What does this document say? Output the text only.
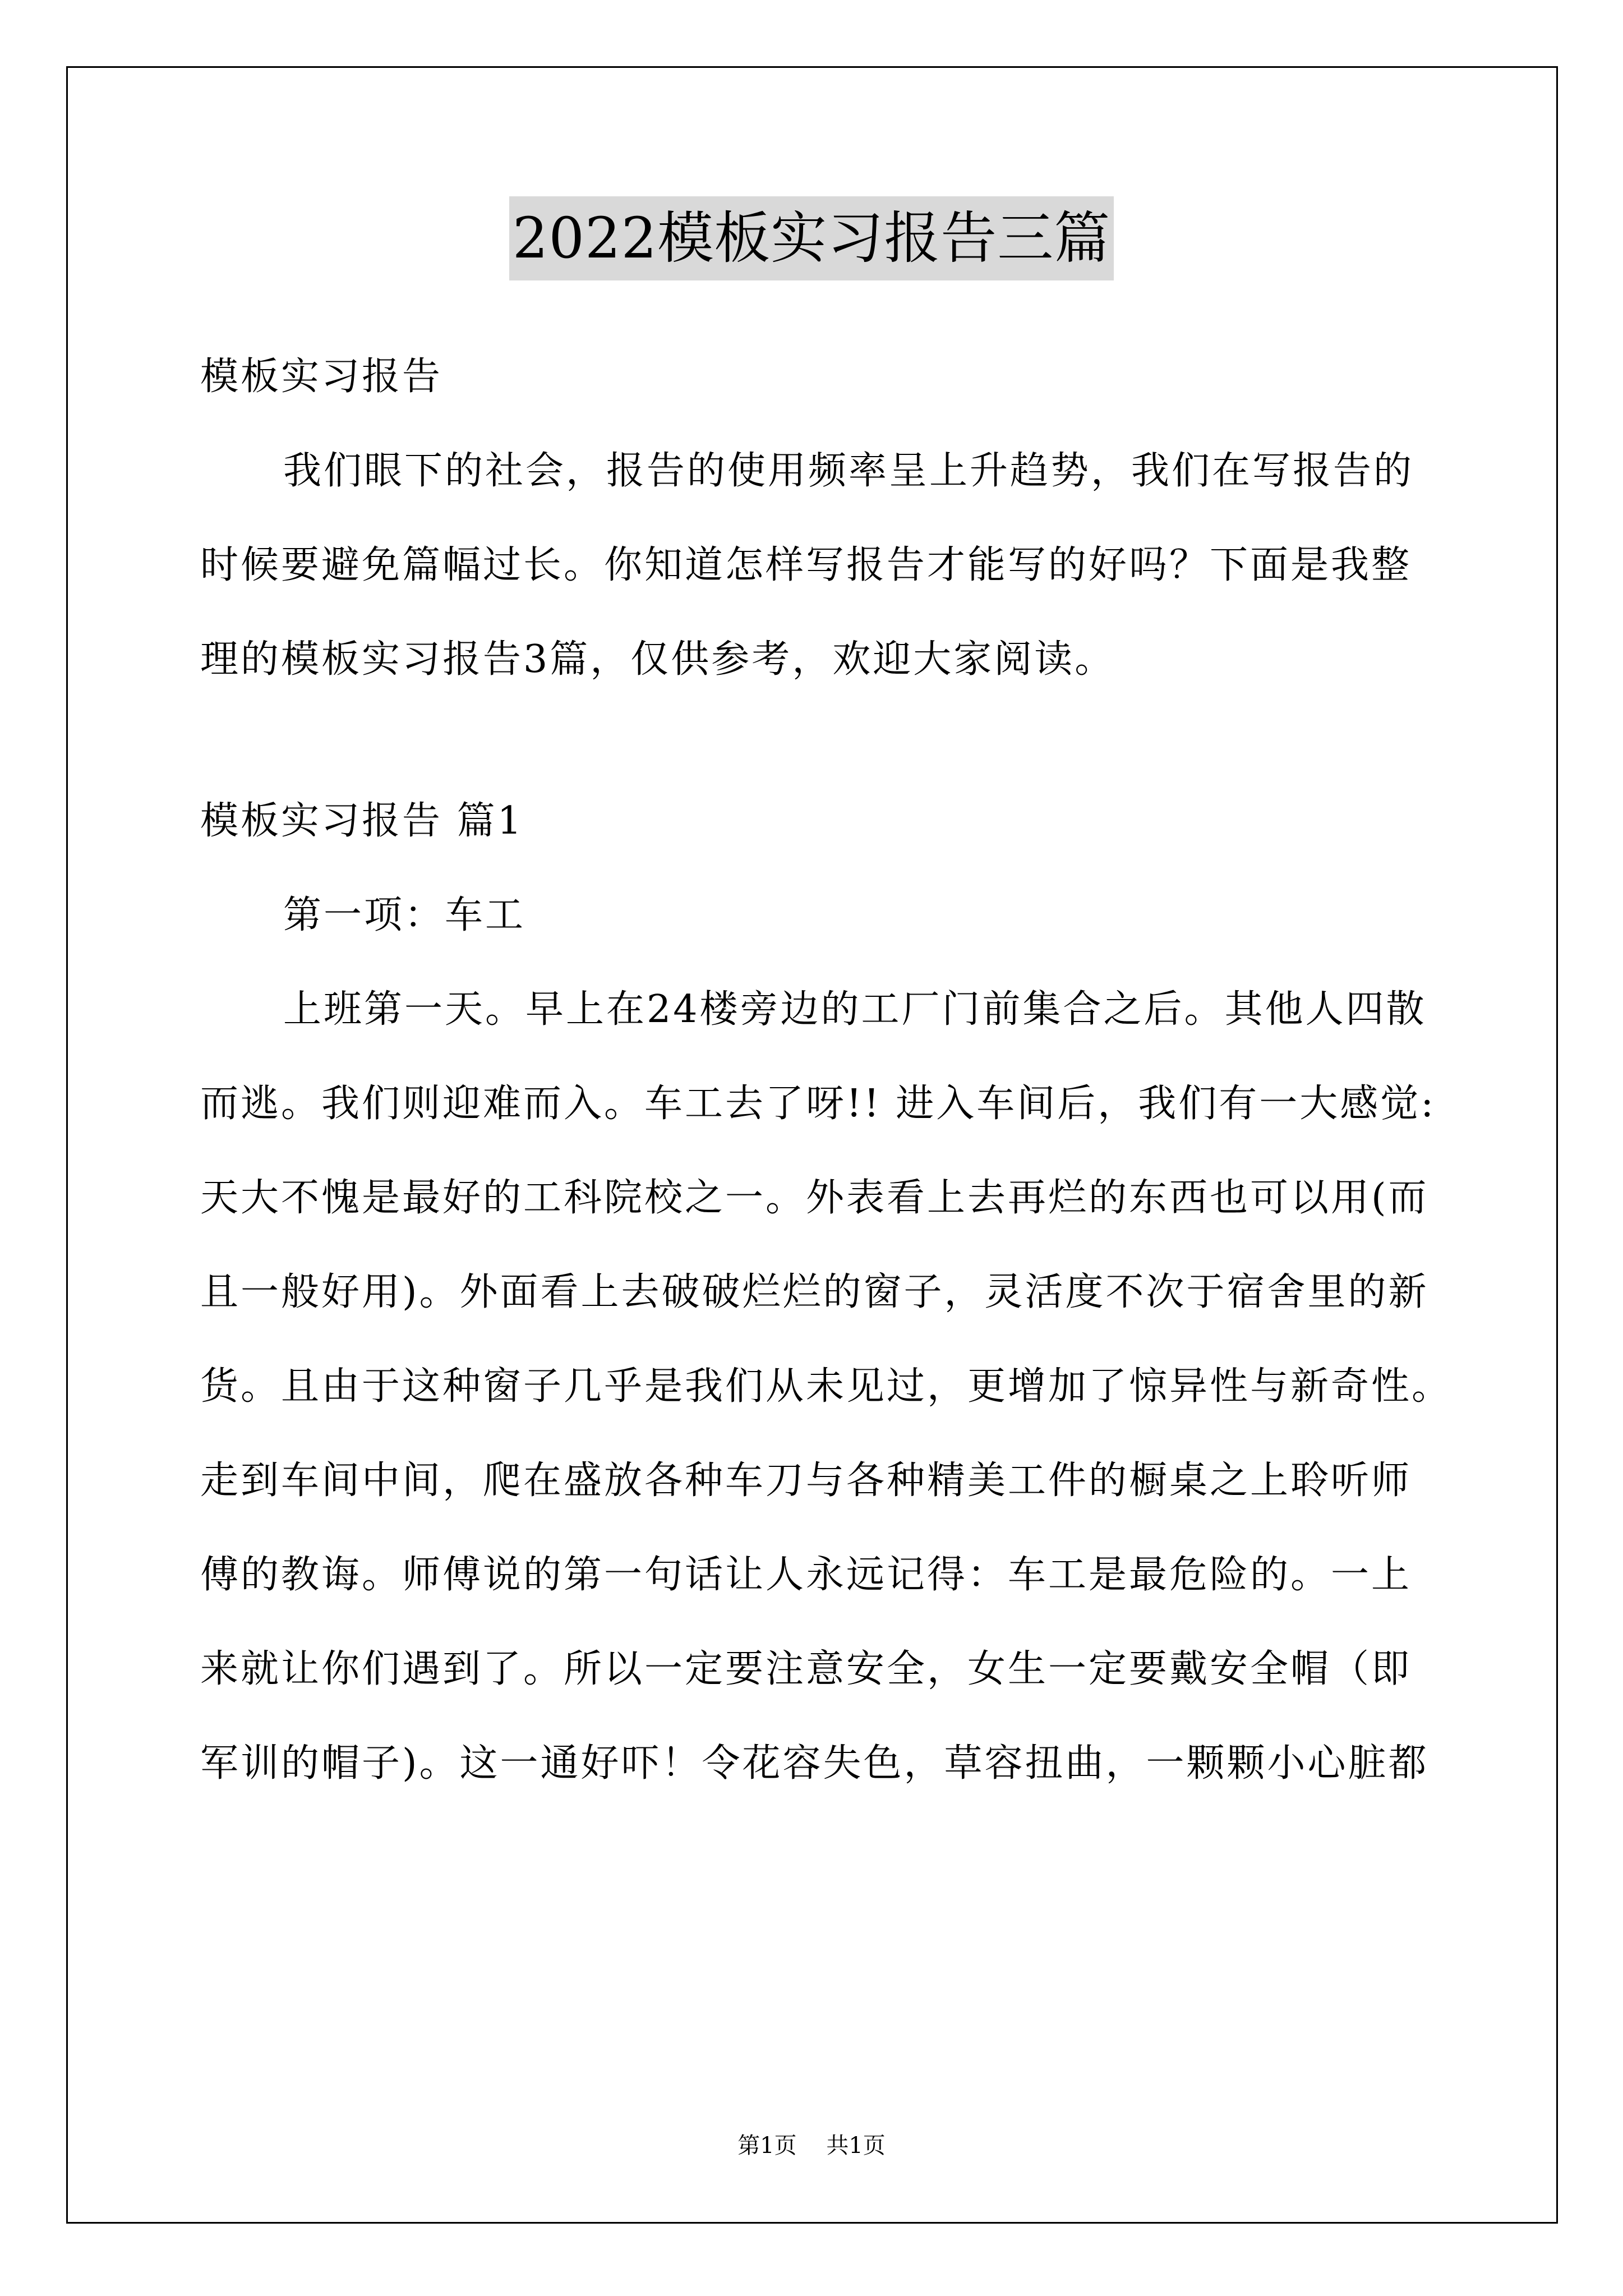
2022模板实习报告三篇
模板实习报告
我们眼下的社会，报告的使用频率呈上升趋势，我们在写报告的
时候要避免篇幅过长。你知道怎样写报告才能写的好吗？下面是我整
理的模板实习报告3篇，仅供参考，欢迎大家阅读。
模板实习报告 篇1
第一项：车工
上班第一天。早上在24楼旁边的工厂门前集合之后。其他人四散
而逃。我们则迎难而入。车工去了呀!! 进入车间后，我们有一大感觉:
天大不愧是最好的工科院校之一。外表看上去再烂的东西也可以用(而
且一般好用)。外面看上去破破烂烂的窗子，灵活度不次于宿舍里的新
货。且由于这种窗子几乎是我们从未见过，更增加了惊异性与新奇性。
走到车间中间，爬在盛放各种车刀与各种精美工件的橱桌之上聆听师
傅的教诲。师傅说的第一句话让人永远记得：车工是最危险的。一上
来就让你们遇到了。所以一定要注意安全，女生一定要戴安全帽（即
军训的帽子)。这一通好吓！令花容失色，草容扭曲，一颗颗小心脏都
第1页 共1页
